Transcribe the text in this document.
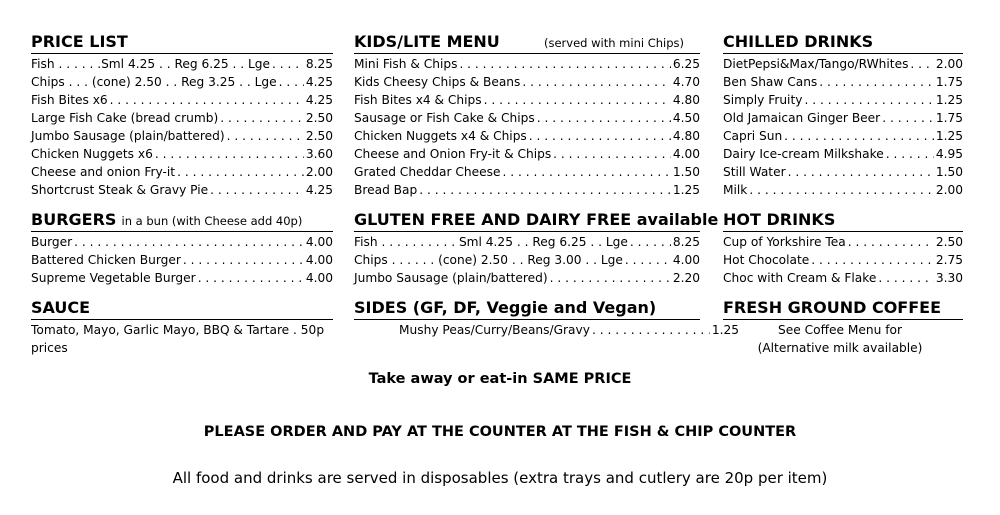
PRICE LIST
Fish . . . . . .Sml 4.25 . . Reg 6.25 . . Lge . . .	8.25
Chips . . . (cone) 2.50 . . Reg 3.25 . . Lge . . . 4.25
Fish Bites x6 . . .	4.25
Large Fish Cake (bread crumb) . . .	2.50
Jumbo Sausage (plain/battered) . . .	2.50
Chicken Nuggets x6 . . .	3.60
Cheese and onion Fry-it . . .	2.00
Shortcrust Steak & Gravy Pie . . .	4.25
BURGERS in a bun (with Cheese add 40p)
Burger . . .	4.00
Battered Chicken Burger . . .	4.00
Supreme Vegetable Burger . . .	4.00
SAUCE
Tomato, Mayo, Garlic Mayo, BBQ & Tartare . 50p
prices
KIDS/LITE MENU	(served with mini Chips)
Mini Fish & Chips . . .	6.25
Kids Cheesy Chips & Beans . . .	4.70
Fish Bites x4 & Chips . . .	4.80
Sausage or Fish Cake & Chips . . .	4.50
Chicken Nuggets x4 & Chips . . .	4.80
Cheese and Onion Fry-it & Chips . . .	4.00
Grated Cheddar Cheese . . .	1.50
Bread Bap . . .	1.25
GLUTEN FREE AND DAIRY FREE available
Fish . . . . . . . . . . Sml 4.25 . . Reg 6.25 . . Lge . . .	8.25
Chips . . . . . . (cone) 2.50 . . Reg 3.00 . . Lge . . .	4.00
Jumbo Sausage (plain/battered) . . .	2.20
SIDES (GF, DF, Veggie and Vegan)
Mushy Peas/Curry/Beans/Gravy . . .	1.25
CHILLED DRINKS
DietPepsi&Max/Tango/RWhites . . . 2.00
Ben Shaw Cans . . .	1.75
Simply Fruity . . .	1.25
Old Jamaican Ginger Beer . . .	1.75
Capri Sun . . .	1.25
Dairy Ice-cream Milkshake . . .	4.95
Still Water . . .	1.50
Milk . . .	2.00
HOT DRINKS
Cup of Yorkshire Tea . . .	2.50
Hot Chocolate . . .	2.75
Choc with Cream & Flake . . .	3.30
FRESH GROUND COFFEE
See Coffee Menu for
(Alternative milk available)
Take away or eat-in SAME PRICE
PLEASE ORDER AND PAY AT THE COUNTER AT THE FISH & CHIP COUNTER
All food and drinks are served in disposables (extra trays and cutlery are 20p per item)
